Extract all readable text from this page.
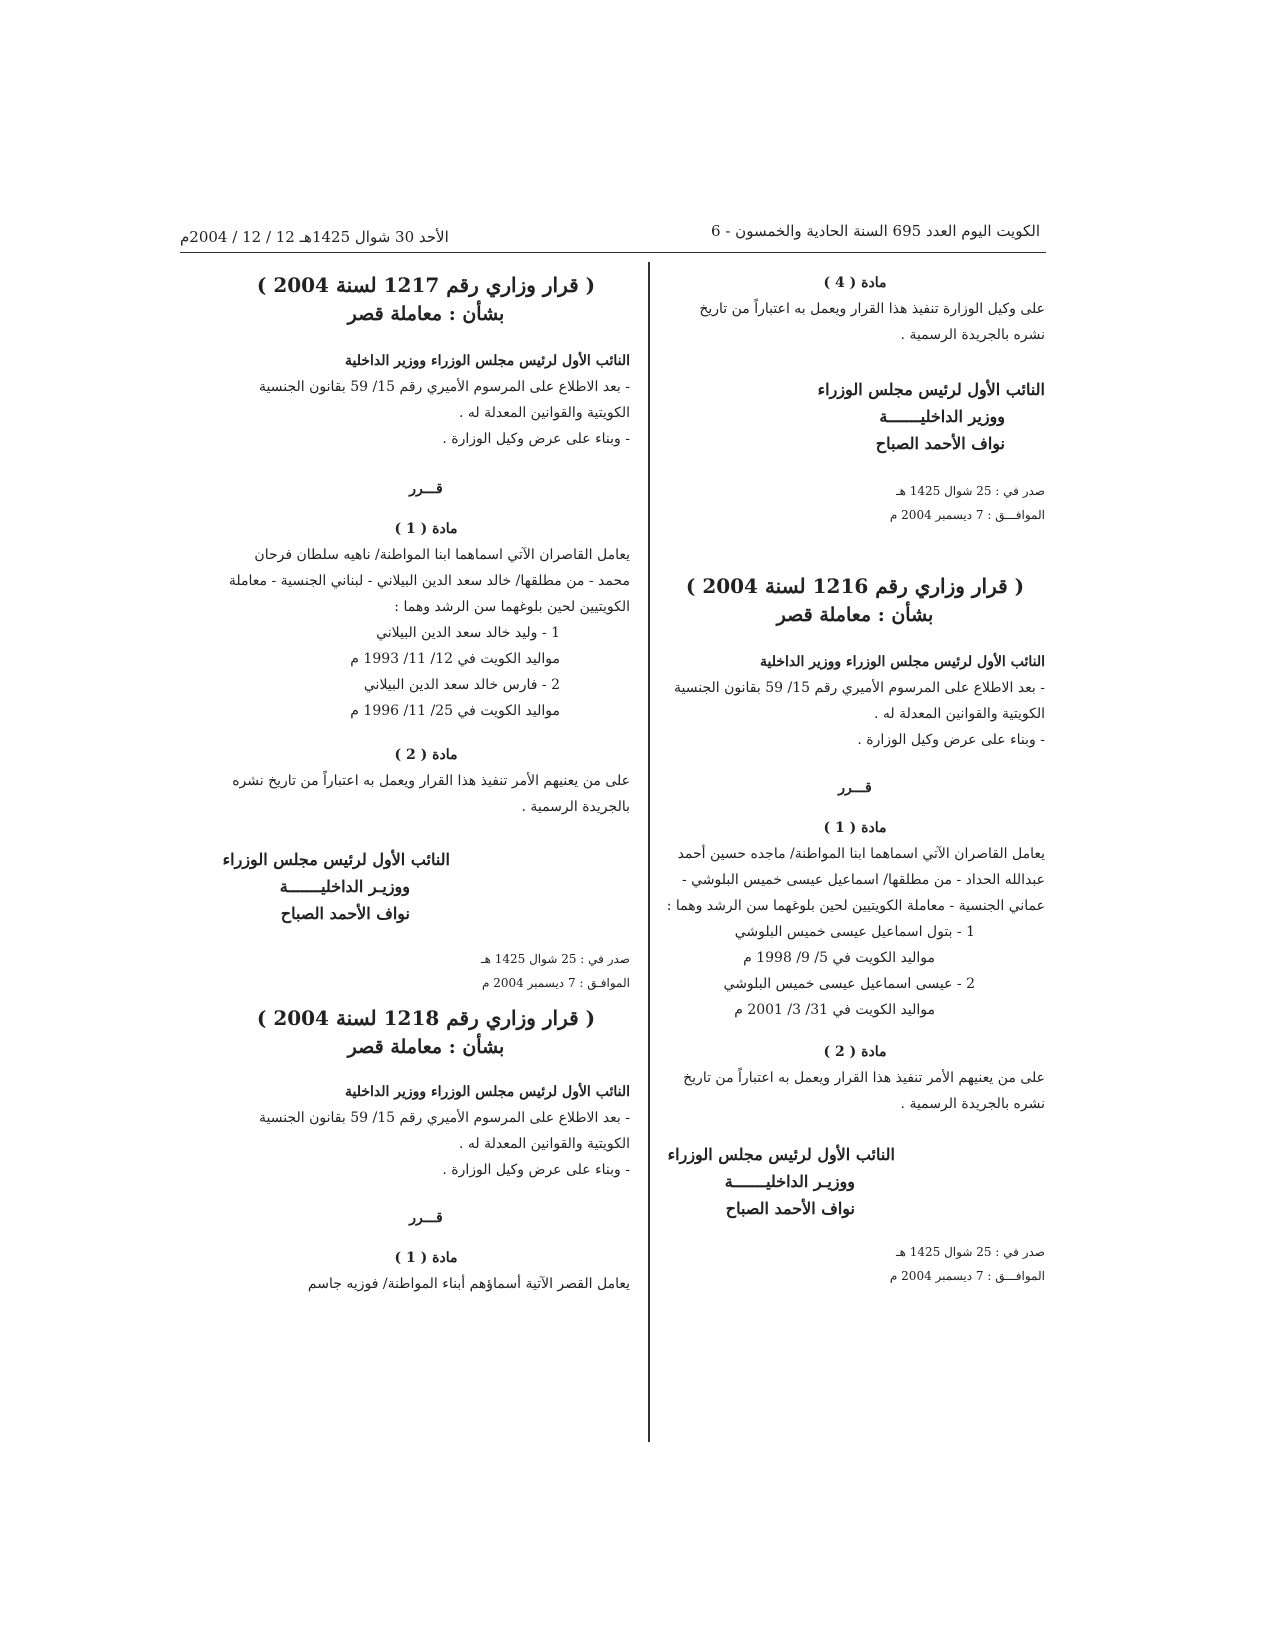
الكويت اليوم العدد 695 السنة الحادية والخمسون - 6
الأحد 30 شوال 1425هـ 12 / 12 / 2004م
مادة ( 4 )

على وكيل الوزارة تنفيذ هذا القرار ويعمل به اعتباراً من تاريخ نشره بالجريدة الرسمية .

النائب الأول لرئيس مجلس الوزراء
ووزير الداخليـــــــة
نواف الأحمد الصباح
صدر في : 25 شوال 1425 هـ
الموافـــق : 7 ديسمبر 2004 م
( قرار وزاري رقم 1216 لسنة 2004 )
بشأن : معاملة قصر
النائب الأول لرئيس مجلس الوزراء ووزير الداخلية

- بعد الاطلاع على المرسوم الأميري رقم 15/ 59 بقانون الجنسية الكويتية والقوانين المعدلة له .

- وبناء على عرض وكيل الوزارة .

قـــرر
مادة ( 1 )

يعامل القاصران الآتي اسماهما ابنا المواطنة/ ماجده حسين أحمد عبدالله الحداد - من مطلقها/ اسماعيل عيسى خميس البلوشي - عماني الجنسية - معاملة الكويتيين لحين بلوغهما سن الرشد وهما :

1 - بتول اسماعيل عيسى خميس البلوشي

مواليد الكويت في 5/ 9/ 1998 م

2 - عيسى اسماعيل عيسى خميس البلوشي

مواليد الكويت في 31/ 3/ 2001 م

مادة ( 2 )

على من يعنيهم الأمر تنفيذ هذا القرار ويعمل به اعتباراً من تاريخ نشره بالجريدة الرسمية .

النائب الأول لرئيس مجلس الوزراء
ووزيـر الداخليـــــــة
نواف الأحمد الصباح
صدر في : 25 شوال 1425 هـ
الموافـــق : 7 ديسمبر 2004 م
( قرار وزاري رقم 1217 لسنة 2004 )
بشأن : معاملة قصر
النائب الأول لرئيس مجلس الوزراء ووزير الداخلية

- بعد الاطلاع على المرسوم الأميري رقم 15/ 59 بقانون الجنسية الكويتية والقوانين المعدلة له .

- وبناء على عرض وكيل الوزارة .

قـــرر
مادة ( 1 )

يعامل القاصران الآتي اسماهما ابنا المواطنة/ ناهيه سلطان فرحان محمد - من مطلقها/ خالد سعد الدين البيلاني - لبناني الجنسية - معاملة الكويتيين لحين بلوغهما سن الرشد وهما :

1 - وليد خالد سعد الدين البيلاني

مواليد الكويت في 12/ 11/ 1993 م

2 - فارس خالد سعد الدين البيلاني

مواليد الكويت في 25/ 11/ 1996 م

مادة ( 2 )

على من يعنيهم الأمر تنفيذ هذا القرار ويعمل به اعتباراً من تاريخ نشره بالجريدة الرسمية .

النائب الأول لرئيس مجلس الوزراء
ووزيـر الداخليـــــــة
نواف الأحمد الصباح
صدر في : 25 شوال 1425 هـ
الموافـق : 7 ديسمبر 2004 م
( قرار وزاري رقم 1218 لسنة 2004 )
بشأن : معاملة قصر
النائب الأول لرئيس مجلس الوزراء ووزير الداخلية

- بعد الاطلاع على المرسوم الأميري رقم 15/ 59 بقانون الجنسية الكويتية والقوانين المعدلة له .

- وبناء على عرض وكيل الوزارة .

قـــرر
مادة ( 1 )

يعامل القصر الآتية أسماؤهم أبناء المواطنة/ فوزيه جاسم
